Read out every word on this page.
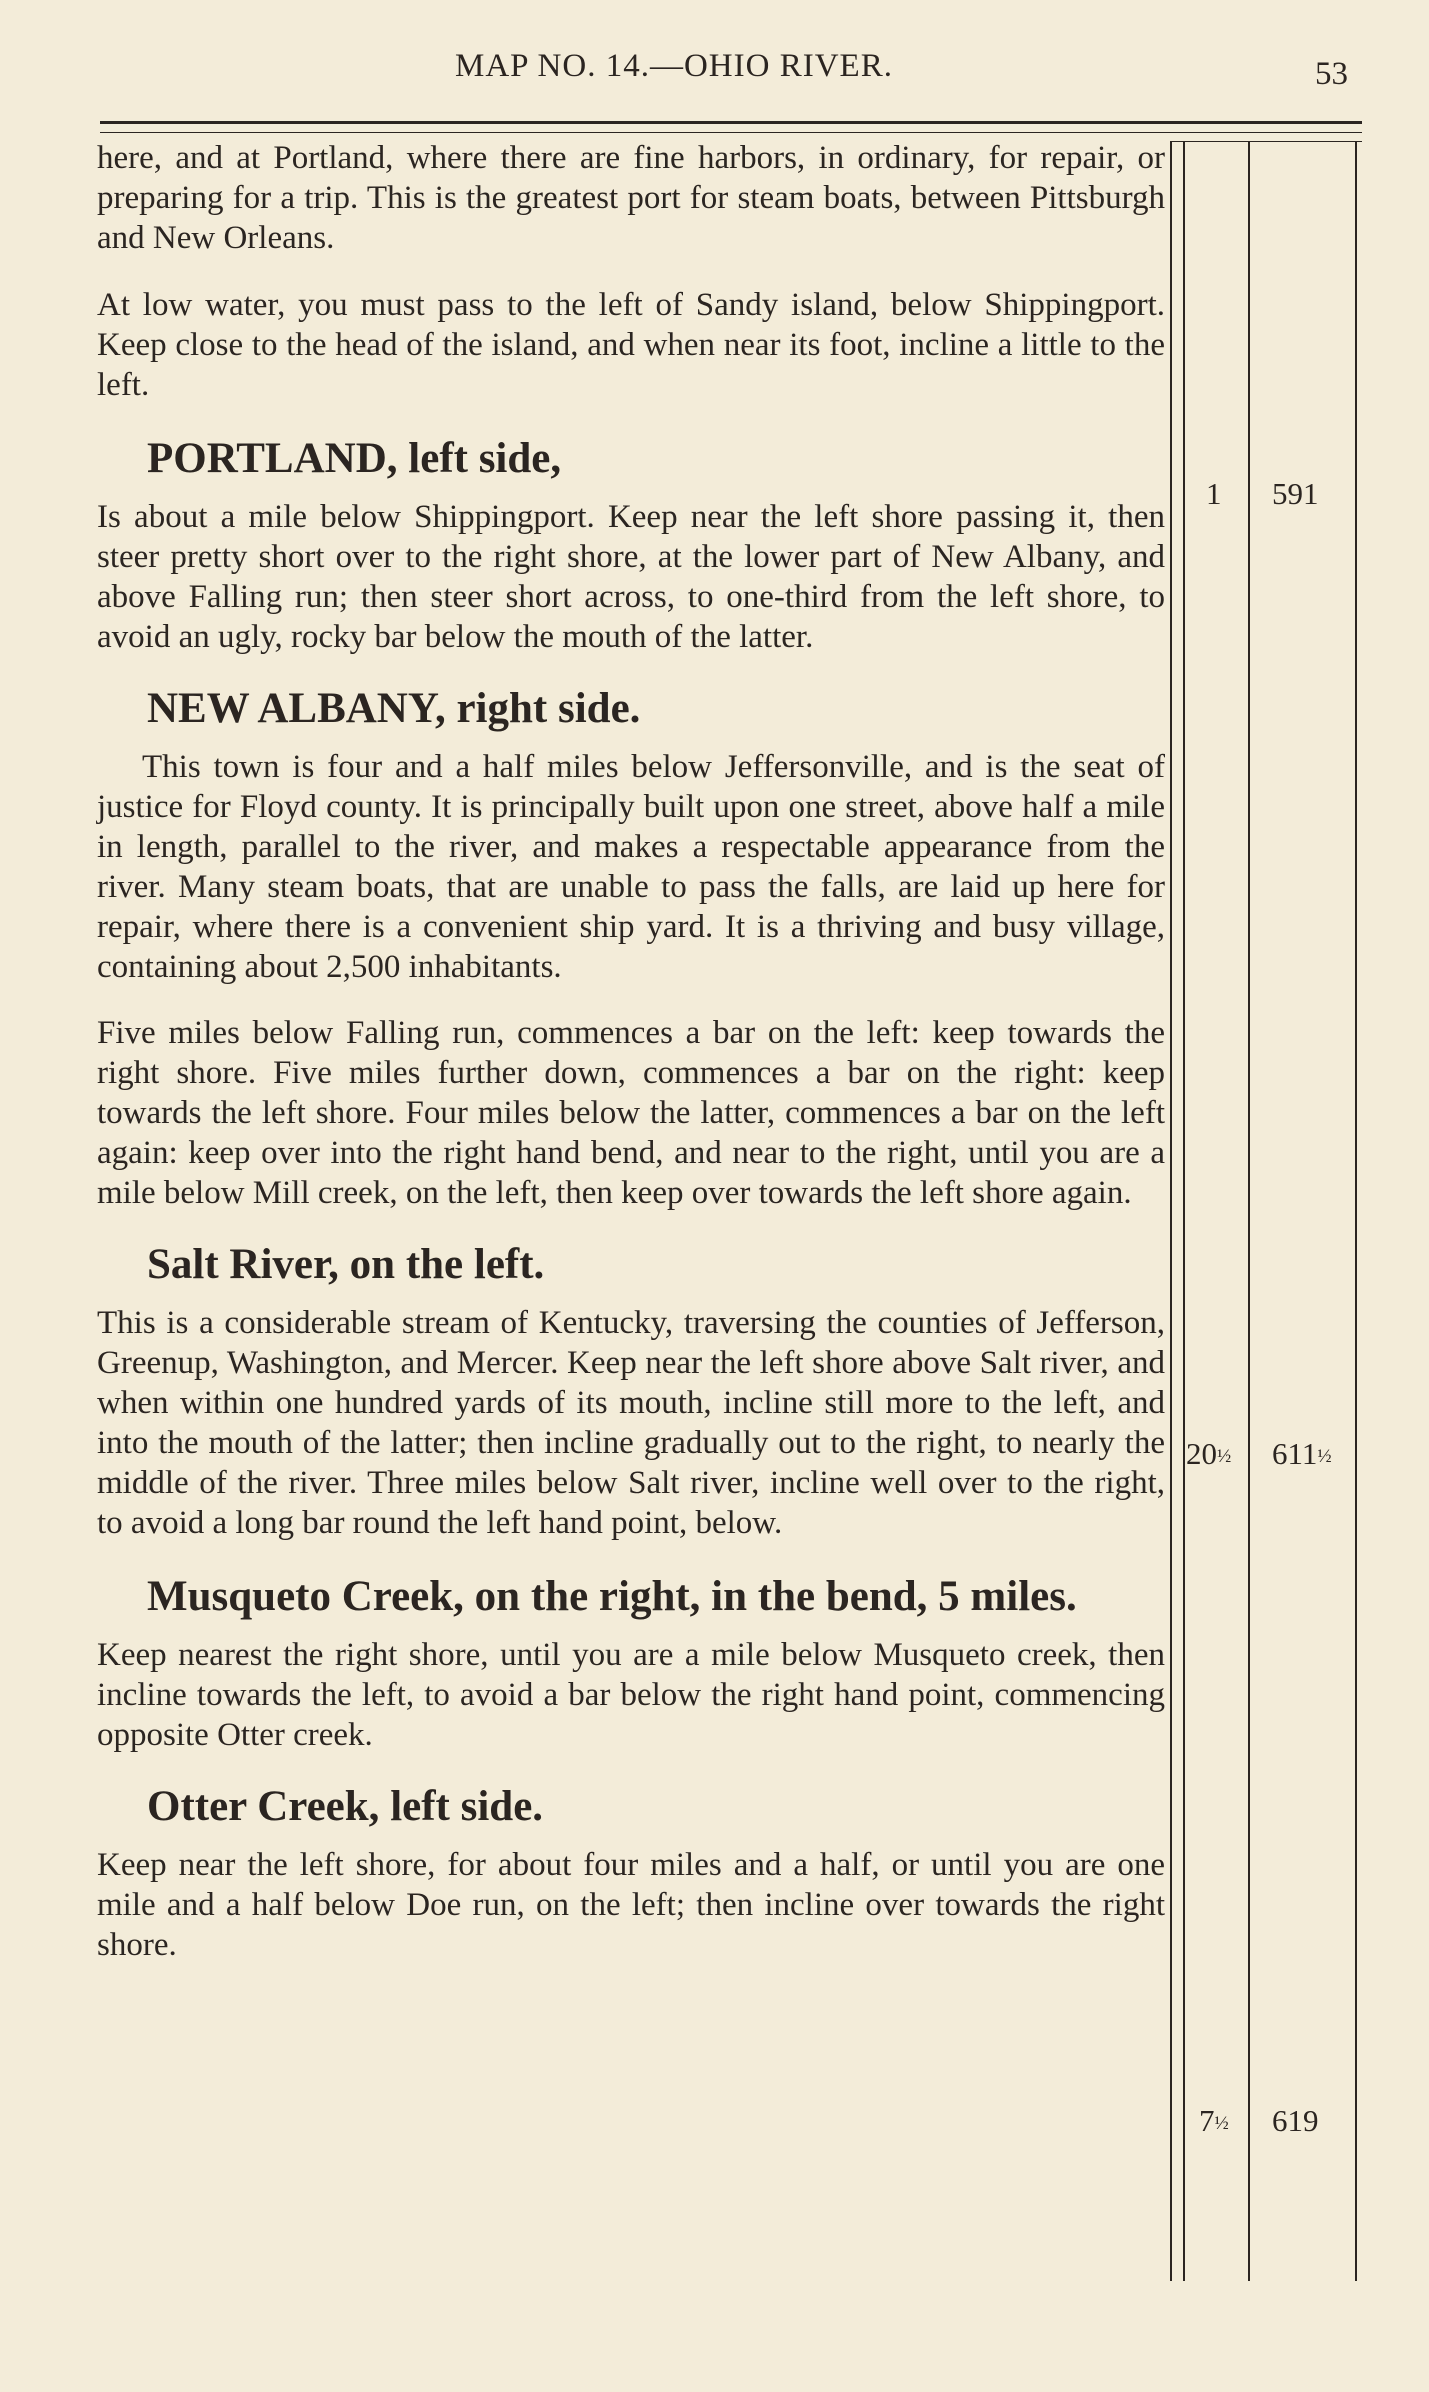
MAP NO. 14.—OHIO RIVER.	53

here, and at Portland, where there are fine harbors, in ordinary, for repair, or preparing for a trip. This is the greatest port for steam boats, between Pittsburgh and New Orleans.

At low water, you must pass to the left of Sandy island, below Shippingport. Keep close to the head of the island, and when near its foot, incline a little to the left.

PORTLAND, left side,

Is about a mile below Shippingport. Keep near the left shore passing it, then steer pretty short over to the right shore, at the lower part of New Albany, and above Falling run; then steer short across, to one-third from the left shore, to avoid an ugly, rocky bar below the mouth of the latter.

NEW ALBANY, right side.

This town is four and a half miles below Jeffersonville, and is the seat of justice for Floyd county. It is principally built upon one street, above half a mile in length, parallel to the river, and makes a respectable appearance from the river. Many steam boats, that are unable to pass the falls, are laid up here for repair, where there is a convenient ship yard. It is a thriving and busy village, containing about 2,500 inhabitants.

Five miles below Falling run, commences a bar on the left: keep towards the right shore. Five miles further down, commences a bar on the right: keep towards the left shore. Four miles below the latter, commences a bar on the left again: keep over into the right hand bend, and near to the right, until you are a mile below Mill creek, on the left, then keep over towards the left shore again.

Salt River, on the left.

This is a considerable stream of Kentucky, traversing the counties of Jefferson, Greenup, Washington, and Mercer. Keep near the left shore above Salt river, and when within one hundred yards of its mouth, incline still more to the left, and into the mouth of the latter; then incline gradually out to the right, to nearly the middle of the river. Three miles below Salt river, incline well over to the right, to avoid a long bar round the left hand point, below.

Musqueto Creek, on the right, in the bend, 5 miles.

Keep nearest the right shore, until you are a mile below Musqueto creek, then incline towards the left, to avoid a bar below the right hand point, commencing opposite Otter creek.

Otter Creek, left side.

Keep near the left shore, for about four miles and a half, or until you are one mile and a half below Doe run, on the left; then incline over towards the right shore.

1 591
20½ 611½
7½ 619
